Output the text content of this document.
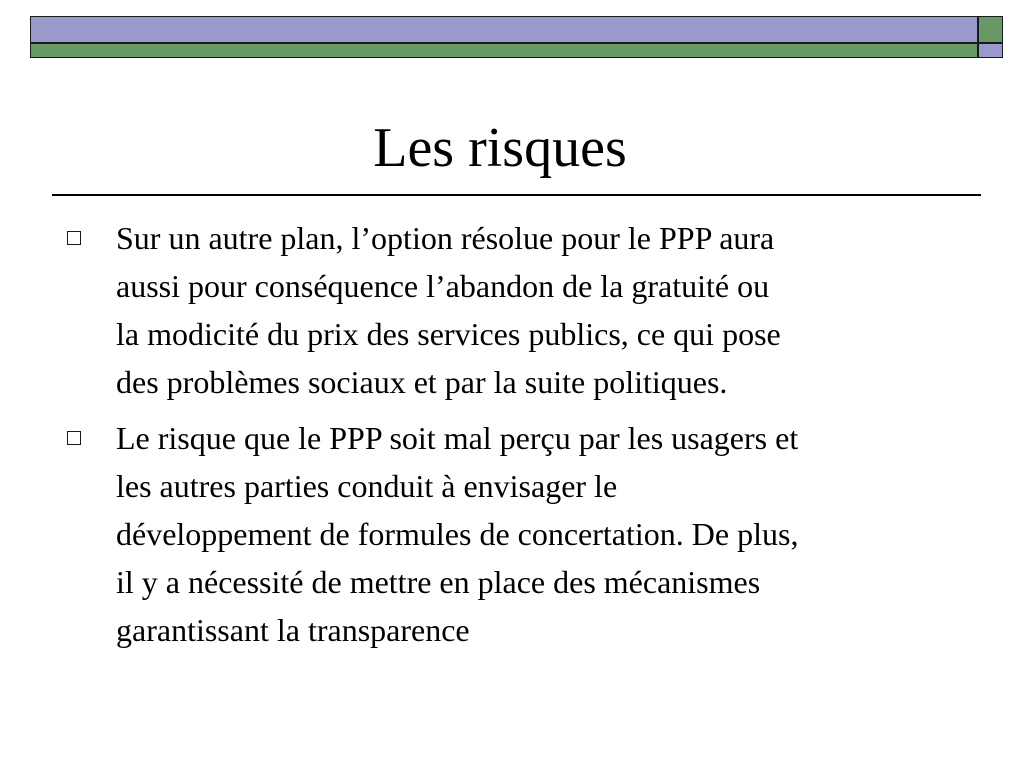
Les risques
Sur un autre plan, l’option résolue pour le PPP aura
aussi pour conséquence l’abandon de la gratuité ou
la modicité du prix des services publics, ce qui pose
des problèmes sociaux et par la suite politiques.
Le risque que le PPP soit mal perçu par les usagers et
les autres parties conduit à envisager le
développement de formules de concertation. De plus,
il y a nécessité de mettre en place des mécanismes
garantissant la transparence
